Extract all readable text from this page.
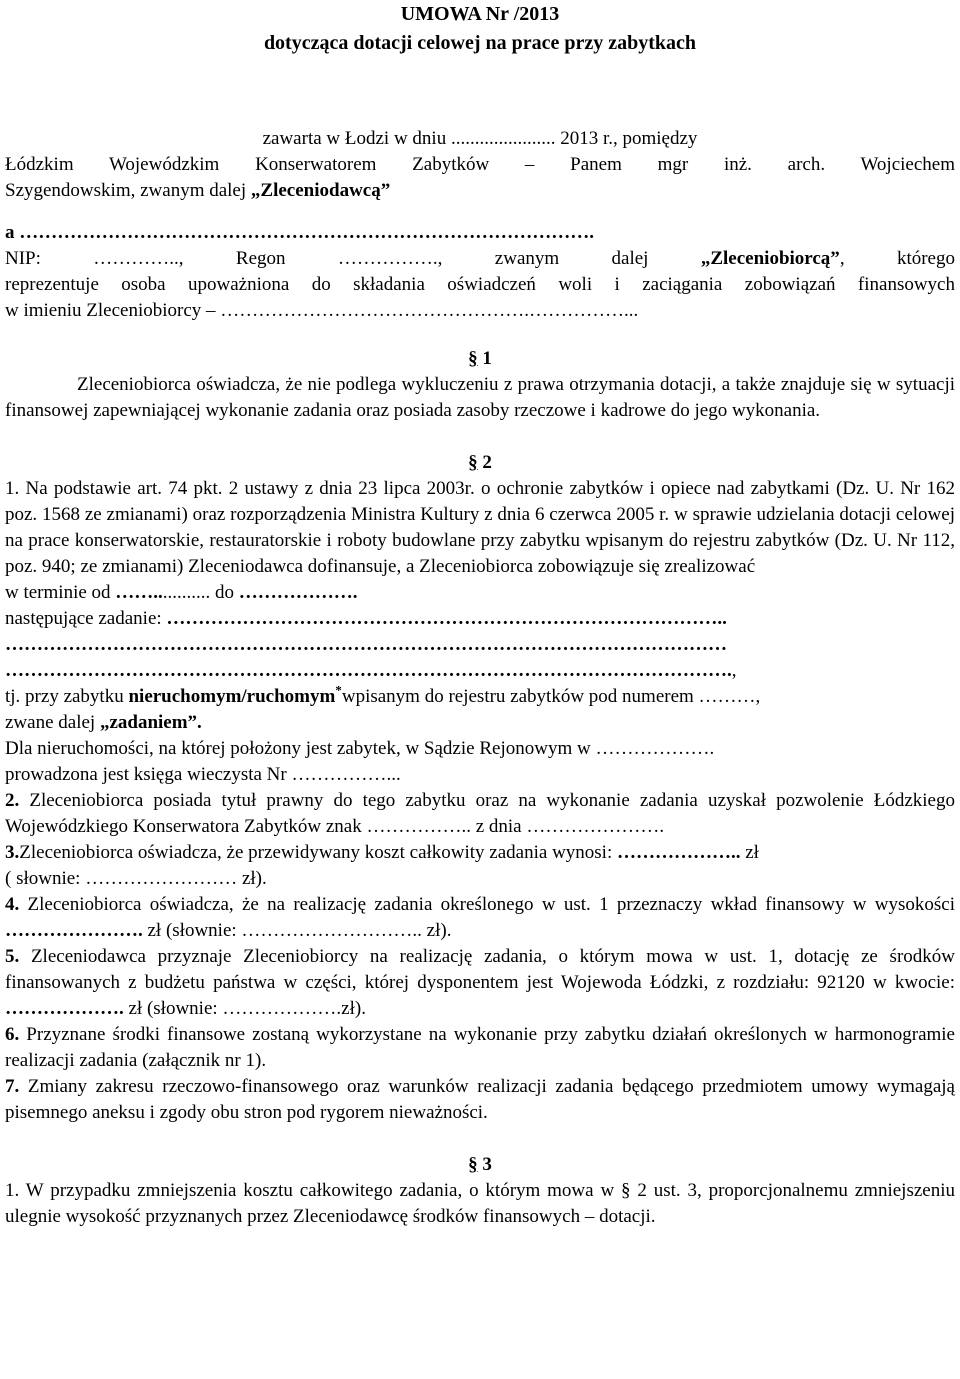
UMOWA Nr /2013
dotycząca dotacji celowej na prace przy zabytkach

zawarta w Łodzi w dniu ...................... 2013 r., pomiędzy

Łódzkim Wojewódzkim Konserwatorem Zabytków – Panem mgr inż. arch. Wojciechem

Szygendowskim, zwanym dalej „Zleceniodawcą”

a ……………………………………………………………………………….

NIP: ………….., Regon ……………., zwanym dalej „Zleceniobiorcą”, którego

reprezentuje osoba upoważniona do składania oświadczeń woli i zaciągania zobowiązań finansowych

w imieniu Zleceniobiorcy – ………………………………………….……………...

§ 1

Zleceniobiorca oświadcza, że nie podlega wykluczeniu z prawa otrzymania dotacji, a także znajduje się w sytuacji finansowej zapewniającej wykonanie zadania oraz posiada zasoby rzeczowe i kadrowe do jego wykonania.

§ 2

1. Na podstawie art. 74 pkt. 2 ustawy z dnia 23 lipca 2003r. o ochronie zabytków i opiece nad zabytkami (Dz. U. Nr 162 poz. 1568 ze zmianami) oraz rozporządzenia Ministra Kultury z dnia 6 czerwca 2005 r. w sprawie udzielania dotacji celowej na prace konserwatorskie, restauratorskie i roboty budowlane przy zabytku wpisanym do rejestru zabytków (Dz. U. Nr 112, poz. 940; ze zmianami) Zleceniodawca dofinansuje, a Zleceniobiorca zobowiązuje się zrealizować

w terminie od ……............ do ……………….

następujące zadanie: ……………………………………………………………………………..

……………………………………………………………………………………………………

…………………………………………………………………………………………………….,

tj. przy zabytku nieruchomym/ruchomym*wpisanym do rejestru zabytków pod numerem ………,

zwane dalej „zadaniem”.

Dla nieruchomości, na której położony jest zabytek, w Sądzie Rejonowym w ……………….

prowadzona jest księga wieczysta Nr ……………...

2. Zleceniobiorca posiada tytuł prawny do tego zabytku oraz na wykonanie zadania uzyskał pozwolenie Łódzkiego Wojewódzkiego Konserwatora Zabytków znak …………….. z dnia ………………….

3.Zleceniobiorca oświadcza, że przewidywany koszt całkowity zadania wynosi: ……………….. zł

( słownie: …………………… zł).

4. Zleceniobiorca oświadcza, że na realizację zadania określonego w ust. 1 przeznaczy wkład finansowy w wysokości …………………. zł (słownie: ……………………….. zł).

5. Zleceniodawca przyznaje Zleceniobiorcy na realizację zadania, o którym mowa w ust. 1, dotację ze środków finansowanych z budżetu państwa w części, której dysponentem jest Wojewoda Łódzki, z rozdziału: 92120 w kwocie: ………………. zł (słownie: ……………….zł).

6. Przyznane środki finansowe zostaną wykorzystane na wykonanie przy zabytku działań określonych w harmonogramie realizacji zadania (załącznik nr 1).

7. Zmiany zakresu rzeczowo-finansowego oraz warunków realizacji zadania będącego przedmiotem umowy wymagają pisemnego aneksu i zgody obu stron pod rygorem nieważności.

§ 3

1. W przypadku zmniejszenia kosztu całkowitego zadania, o którym mowa w § 2 ust. 3, proporcjonalnemu zmniejszeniu ulegnie wysokość przyznanych przez Zleceniodawcę środków finansowych – dotacji.
